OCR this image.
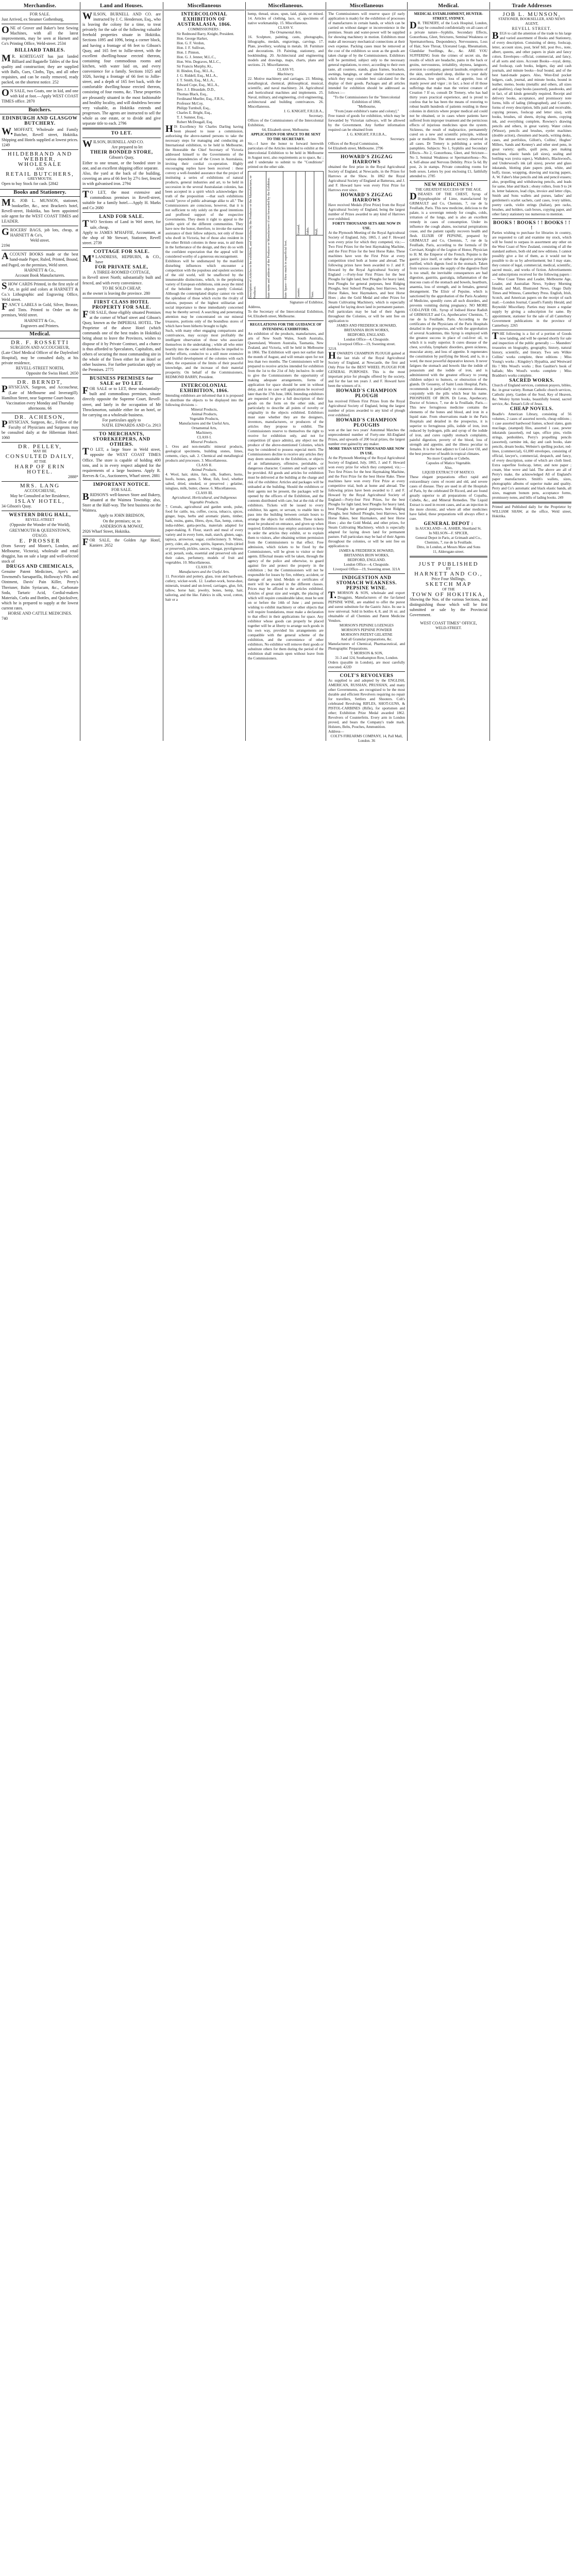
Merchandise.

FOR SALE.

Just Arrived, ex Steamer Gothenburg,

ONE of Grover and Baker's best Sewing Machines, with all the latest improvements, may be seen at Harnett and Co's Printing Office, Weld-street. 2534

BILLIARD TABLES.

MR. KORTEGAST has just landed Billiard and Bagatelle Tables of the first quality and construction; they are supplied with Balls, Cues, Cloths, Tips, and all other requisites, and can be easily removed, ready packed, on the shortest notice. 252

ON SALE, two Goats, one in kid, and one with kid at foot.—Apply WEST COAST TIMES office. 2870

Butchers.
EDINBURGH AND GLASGOW BUTCHERY.

W.MOFFATT, Wholesale and Family Butcher, Revell street, Hokitika. Shipping and Hotels supplied at lowest prices. 1249

HILDEBRAND AND WEBBER,

WHOLESALE

AND

RETAIL BUTCHERS,

GREYMOUTH.

Open to buy Stock for cash. [2842

Books and Stationery.

MR. JOB L. MUNSON, stationer, bookseller, &c., next Bracken's hotel, Revell-street, Hokitika, has been appointed sole agent for the WEST COAST TIMES and LEADER.

GROCERS' BAGS, job lots, cheap, at HARNETT & Co's,

Weld street.

2194

ACCOUNT BOOKS made or the best hand-made Paper, Ruled, Printed, Bound, and Paged, on the premises, Weld street.

HARNETT & Co.,

Account Book Manufacturers.

SHOW CARDS Printed, in the first style of Art, in gold and colors at HARNETT & Co.'s Lithographic and Engraving Office, Weld street.

FANCY LABELS in Gold, Silver, Bronze, and Tints. Printed to Order on the premises, Weld street.

HARNETT & Co.,

Engravers and Printers.

Medical.

DR. F. ROSSETTI

SURGEON AND ACCOUCHEUR,

(Late Chief Medical Officer of the Daylesford Hospital), may be consulted daily, at his private residence,

REVELL-STREET NORTH,

Opposite the Swiss Hotel. 2650

DR. BERNDT,

PHYSICIAN, Surgeon, and Accoucheur, (Late of Melbourne and Inverargill). Hamilton Street, near Supreme Court-house.

Vaccination every Monday and Thursday afternoons. 66

DR. ACHESON,

PHYSICIAN, Surgeon, &c., Fellow of the Faculty of Physicians and Surgeons may be consulted daily at the Hibernian Hotel. 1060

DR. PELLEY,

MAY BE

CONSULTED DAILY,

AT THE

HARP OF ERIN HOTEL.

2888*

MRS. LANG

ACCOUCHEUSE,

May be Consulted at her Residence,

ISLAY HOTEL,

34 Gibson's Quay.

WESTERN DRUG HALL,

REVELL-STREET

(Opposite the Wonder of the World),

GREYMOUTH & QUEENSTOWN,

OTAGO.

E. PROSSER

(from Savory and Moore's, London, and Melbourne, Victoria), wholesale and retail druggist, has on sale a large and well-selected stock of

DRUGS AND CHEMICALS,

Genuine Patent Medicines, Ayer's and Townsend's Sarsaparilla, Holloway's Pills and Ointment, Davis' Pain Killer, Perry's Threisner, Balm Syriacum, &c., Carbonate Soda, Tartaric Acid, Cordial-makers Materials, Corks and Bottles, and Quicksilver, which he is prepared to supply at the lowest current rates.

HORSE AND CATTLE MEDICINES.

740

Land and Houses.

WILSON, BURNELL AND CO. are instructed by J. C. Henderson, Esq., who is leaving the colony for a time, to treat privately for the sale of the following valuable freehold properties situate in Hokitika. Sections 1095 and 1096, being a corner block, and having a frontage of 66 feet to Gibson's Quay, and 165 feet to Jollie-street, with the excellent dwelling-house erected thereon, containing four commodious rooms and kitchen, with water laid on, and every convenience for a family. Sections 1025 and 1026, having a frontage of 66 feet to Jollie-street, and a depth of 165 feet back, with the comfortable dwelling-house erected thereon, consisting of four rooms, &c. These properties are pleasantly situated in the most fashionable and healthy locality, and will doubtless become very valuable, as Hokitika extends and progresses. The agents are instructed to sell the whole as one estate, or to divide and give separate title to each. 2796

TO LET.

WILSON, BURNELL AND CO.

Are prepared to let

THEIR BONDED STORE,

Gibson's Quay,

Either to one tenant, or the bonded store in one, and an excellent shipping office separate.

Also, the yard at the back of the building, covering an area of 66 feet by 27½ feet, fenced in with galvanised iron. 2794

TO LET, the most extensive and commodious premises in Revell-street, suitable for a family hotel.—Apply H. Marks and Co 2680

LAND FOR SALE.

TWO Sections of Land in Wel street, for sale, cheap.

Apply to JAMES M'HAFFIE, Accountant, at the shop of Mr Stewart, Stationer, Revell street. 2739

COTTAGE FOR SALE.

M'LANDRESS, HEPBURN, & CO., have

FOR PRIVATE SALE,

A THREE-ROOMED COTTAGE,

in Revell street North; substantially built and fenced, and with every convenience.

TO BE SOLD CHEAP,

as the owner is leaving the province. 280

FIRST CLASS HOTEL PROPERTY FOR SALE.

FOR SALE, those eligibly situated Premises at the corner of Wharf street and Gibson's Quay, known as the IMPERIAL HOTEL. The Proprietor of the above Hotel (which commands one of the best trades in Hokitika) being about to leave the Provinces, wishes to dispose of it by Private Contract, and a chance is thus afforded to Speculators, Capitalists, and others of securing the most commanding site in the whole of the Town either for an Hotel or other business. For further particulars apply on the Premises. 2775

BUSINESS PREMISES for SALE or TO LET.

FOR SALE or to LET, these substantially-built and commodious premises, situate directly opposite the Supreme Court, Revell-street, and lately in the occupation of Mr Throckmorton, suitable either for an hotel, or for carrying on a wholesale business.

For particulars apply to

NATH. EDWARDS AND Co. 2913

TO MERCHANTS, STOREKEEPERS, AND OTHERS.

TO LET, a large Store in Weld street, opposite the WEST COAST TIMES Office. The store is capable of holding 400 tons, and is in every respect adapted for the requirements of a large business. Apply R. Reeves & Co., Auctioneers, Wharf street. 2881

IMPORTANT NOTICE.

FOR SALE.

BRIDSON'S well-known Store and Bakery, situated at the Waimea Township; also, Store at the Half-way. The best business on the Waimea.

Apply to JOHN BRIDSON,

On the premises; or, to

ANDERSON & MOWAT,

2926 Wharf Street, Hokitika.

FOR SALE, the Golden Age Hotel, Kaniere. 2652

Miscellaneous

INTERCOLONIAL EXHIBITION OF AUSTRALASIA, 1866.

COMMISSIONERS :

Sir Redmond Barry, Knight, President.

Hon. George Harker,

Hon. G. F. Verdon,

Hon. J. F. Sullivan,

Hon. J. Pinnon,

Hon. G. J. Jenner, M.L.C.,

Hon. Wm. Degraves, M.L.C.,

Sir Francis Murphy, Kt.,

H. Bindon, Esq., M.L.A.,

J. G. Riddell, Esq., M.L.A.,

J. T. Smith, Esq., M.L.A.,

Edward Cope, Esq., M.L.A.,

Rev. J. J. Bleasdale, D.D.,

Thomas Black, Esq.,

Ferdinand Mueller, Esq., F.R.S.,

Professor McCoy,

Philipp Turnbull, Esq.,

Charles E. Bright, Esq.,

T. J. Sumner, Esq.,

Robert McDougall, Esq.

HIS Excellency Sir Charles Darling having been pleased to issue a commission, authorising the above-named persons to take the necessary steps for managing and conducting an International exhibition, to be held in Melbourne, the Honorable the Chief Secretary of Victoria addressed himself to the Governments of the various dependencies of the Crown in Australasia, inviting their cordial co-operation. Highly encouraging replies have been received : these convey a well-founded assurance that the project of instituting a series of exhibitions of natural products, general industries and art, to be held in succession in the several Australasian colonies, has been accepted in a spirit which acknowledges the truth of the proposition —that such exhibitions would "prove of public advantage alike to all." The Commissioners are conscious, however, that it is not sufficient to rely solely on the good intentions and proffered support of the respective Governments. They deem it right to appeal to the public spirit of the different communities. They have now the honor, therefore, to invoke the earnest assistance of their fellow subjects, not only of those who dwell in Victoria, but of those also resident in the other British colonies in these seas, to aid them in the furtherance of the design, and they do so with the confident expectation that the appeal will be considered worthy of a generous encouragement.

Exhibitors will be undismayed by the manifold disturbing influences which encounter a competition with the populous and opulent societies of the old world, will be unaffected by the innumerable distinctions, which, in the perplexing variety of European exhibitions, sink away the mind of the beholder from objects purely Colonial. Although the contemplated display cannot vie with the splendour of those which excite the rivalry of nations, purposes of the highest utilitarian and social importance to these immediately concerned may be thereby served. A searching and penetrating attention may be concentrated on our mineral treasures, portions only of the boundless stores of which have been hitherto brought to light.

Such, with many other engaging comparisons and contrivances, may occupy most profitably the intelligent observation of those who associate themselves in the undertaking ; while all who enter heartily into the cause will doubtless be impelled to further efforts, conducive to a still more extensive and fruitful development of the colonies with each other, the expansion of the limits of their peaceful knowledge, and the increase of their material prosperity. On behalf of the Commissioners, REDMOND BARRY, President.

INTERCOLONIAL EXHIBITION, 1866.

Intending exhibitors are informed that it is proposed to distribute the objects to be displayed into the following divisions :-

Mineral Products,

Animal Products,

Vegetable Products,

Manufactures and the Useful Arts,

Ornamental Arts,

Machinery.

CLASS I.

Mineral Products.

1. Ores and non-metallic mineral products, geological specimens, building stones, limes, cements, clays, salt. 2. Chemical and metallurgical products and processes. 3. Miscellaneous.

CLASS II.

Animal Products.

4. Wool, hair, skins, furs, silk, feathers, horns, hoofs, bones, gums. 5. Meat, fish, fowl, whether salted, dried, smoked, or preserved ; gelatine, isinglass, milk, butter, cheese. 6. Miscellaneous.

CLASS III.

Agricultural, Horticultural, and Indigenous Vegetable Products.

7. Cereals, agricultural and garden seeds, pulse, food for cattle, tea, coffee, cocoa, tobacco, spices, ginger, hops, herbs and aromatic plants, timber, bark, resins, gums, fibres, dyes, flax, hemp, cotton, india-rubber, gutta-percha, materials adapted for paper-making. 8. Flour, starch and meal of every variety and in every form, malt, starch, gluten, sago, tapioca, arrowroot, sugar, confectionery. 9. Wines, perry, cider, ale, porter, spirits, liqueurs, fruits (dried or preserved), pickles, sauces, vinegar, pyroligneous acid, potash, soda, essential and preserved oils and their cakes, perfumery, models of fruit and vegetables. 10. Miscellaneous.

CLASS IV.

Manufactures and the Useful Arts.

11. Porcelain and pottery, glass, iron and hardware, cutlery, wicker-work. 12. Leather-work, horse-dust, minerals, treated and un-loved, carriages, glue, felt, tallow, horse hair, jewelry, bones, hemp, hair, tailoring, and the like. Fabrics in silk, wool, cotton, hair or a

Miscellaneous.

hemp, thread, straw, spun, laid, plain, or mixed. 14. Articles of clothing, lace, or, specimens of native workmanship. 15. Miscellaneous.

CLASS V.

The Ornamental Arts.

16. Sculpture, painting, casts, photographs, lithographs, medals, engravings, carvings. 17. Plate, jewellery, working in metals. 18. Furniture and decorations. 19. Painting, stationery, and bookbinding. 20. Architectural and engineering models and drawings, maps, charts, plans and sections. 21. Miscellaneous.

CLASS VI.

Machinery.

22. Motive machinery and carriages. 23. Mining, metallurgical, chemical, philosophical, musical, scientific, and naval machinery. 24. Agricultural and horticultural machines and implements. 25. Naval, military, and engineering, civil engineering, architectural and building contrivances. 26. Miscellaneous.

J. G. KNIGHT, F.R.I.B.A.,

Secretary.

Offices of the Commissioners of the Intercolonial Exhibition,

64, Elizabeth street, Melbourne.

APPLICATION FOR SPACE TO BE SENT TO THE SECRETARY.

Sir,—I have the honor to forward herewith particulars of the Articles intended to exhibit at the Intercolonial Exhibition to be held in Melbourne in August next, also requirements as to space, &c ; and I undertake to submit to the "Conditions" printed on the other side.

Description of Articles to be exhibited, and whether by the Producer or the Manufacturer, or Producer.	State name and address of the Producer or Manufacturer if not forwarded by the Exhibitor.	State Space—How much in superficial feet.
Ground.	Table.	Wall.
Counter.	Floor.

Signature of Exhibitor,

Address,

To the Secretary of the Intercolonial Exhibition, 64, Elizabeth street, Melbourne.

REGULATIONS FOR THE GUIDANCE OF INTENDING EXHIBITORS.

An exhibition of the products, manufactures, and arts of New South Wales, South Australia, Queensland, Western Australia, Tasmania, New Zealand, and Victoria, will be held in Melbourne in 1866. The Exhibition will open not earlier than the month of August, and will remain open for not less than two months. The Commissioners will be prepared to receive articles intended for exhibition from the 1st to the 21st of July inclusive. In order to give the Commissioners the opportunity of making adequate arrangements, forms of application for space should be sent in without delay, and in no case will applications be received later than the 17th June, 1866. Intending exhibitors are requested to give a full description of their goods on the form on the other side, and particularly to describe all points of novelty or originality in the objects exhibited. Exhibitors must state whether they are the designers, inventors, manufacturers, or producers of the articles they propose to exhibit. The Commissioners reserve to themselves the right to receive for exhibition only, and not for competition (if space admits), any object not the produce of the above-mentioned Colonies, which may be considered to possess especial merit. The Commissioners decline to receive any articles they may deem unsuitable to the Exhibition, or objects of an inflammatory, offensive, perishable, or dangerous character. Counters and wall space will be provided. All goods and articles for exhibition must be delivered at the building at the charge and risk of the exhibitor. Articles and packages will be unloaded at the building. Should the exhibitors or their agents not be present, the packages will be opened by the officers of the Exhibition, and the contents distributed with care, but at the risk of the exhibitors. Tickets will be issued to every exhibitor, his agent, or servant, to enable him to pass into the building between certain hours to arrange the objects for exhibition. These tickets must be produced on entrance, and given up when required. Exhibitors may employ assistants to keep in order the articles they exhibit, or to explain them to visitors, after obtaining written permission from the Commissioners to that effect. Free admission, which tickets to be fixed by the Commissioners, will be given to visitor or their agents. Effectual means will be taken, through the agency of the police and otherwise, to guard against fire and protect the property in the exhibition ; but the Commissioners will not be responsible for losses by fire, robbery, accident, or damage of any kind. Medals or certificates of merit will be awarded in the different classes. Prices may be affixed to the articles exhibited. Articles of great size and weight, the placing of which will require considerable labor, must be sent on or before the 14th of June ; and persons wishing to exhibit machinery or other objects that will require foundations, must make a declaration to that effect in their applications for space. Any exhibitor whose goods can properly be placed together will be at liberty to arrange such goods in his own way, provided his arrangements are compatible with the general scheme of the exhibition, and the convenience of other exhibitors. No exhibitor will remove their goods or substitute others for them during the period of the exhibition shall remain open without leave from the Commissioners.

Miscellaneous

The Commissioners will reserve space (if early application is made) for the exhibition of processes of manufactures in certain hands, or which can be carried on without danger or inconvenience in the premises. Steam and water-power will be supplied for showing machinery in motion. Exhibitors must make all necessary mechanical connections at their own expense. Packing cases must be removed at the cost of the exhibitors so soon as the goods are taken charge of by the Commissioners. Exhibitors will be permitted, subject only to the necessary general regulations, to erect, according to their own taste, all counters, stands, glass frames, brackets, awnings, hangings, or other similar contrivances, which they may consider best calculated for the display of their goods. Packages and all articles intended for exhibition should be addressed as follows :—

"To the Commissioners for the "Intercolonial Exhibition of 1866,

"Melbourne,

"From [state exhibitor's name and colony]."

Free transit of goods for exhibition, which may be forwarded by Victorian railways, will be allowed by the Government. Any further information required can be obtained from

J. G. KNIGHT, F.R.I.B.A.,

Secretary.

Offices of the Royal Commission,

64 Elizabeth street, Melbourne. 2796

HOWARD'S ZIGZAG HARROWS

obtained the first prize in the Royal Agricultural Society of England, at Newcastle, in the Prizes for Harrows at the Show. In 1862 the Royal Agricultural Society of England at Battersea, and J. and F. Howard have won every First Prize for Harrows ever since.

HOWARD'S ZIGZAG HARROWS

Have received Medals (First Prize) from the Royal Agricultural Society of England, being the largest number of Prizes awarded to any kind of Harrows ever exhibited.

FORTY THOUSAND SETS ARE NOW IN USE.

At the Plymouth Meeting of the Royal Agricultural Society of England, July, 1865, J. and F. Howard won every prize for which they competed, viz.:—Two First Prizes for the best Haymaking Machine, and the First Prize for the best Horse Rake. These machines have won the First Prize at every competition tried both at home and abroad. The following prizes have been awarded to J. and F. Howard by the Royal Agricultural Society of England :—Forty-four First Prizes for the best Ploughs for light land, best Ploughs for heavy land, best Ploughs for general purposes, best Ridging Ploughs, best Subsoil Ploughs, best Harrows, best Horse Rakes, best Haymakers, and best Horse Hoes ; also the Gold Medal and other Prizes for Steam Cultivating Machinery, which is especially adapted for laying down land in permanent pasture. Full particulars may be had of their Agents throughout the Colonies, or will be sent free on application to

JAMES AND FREDERICK HOWARD,

BRITANNIA IRON WORKS,

BEDFORD, ENGLAND.

London Office—4, Cheapside.

Liverpool Office—19, Sweeting street.

321A

HOWARD'S CHAMPION PLOUGH gained at the last trials of the Royal Agricultural Society of England, at Newcastle, the first and Only Prize for the BEST WHEEL PLOUGH FOR GENERAL PURPOSES. This is the most important prize for ploughs offered by the society, and for the last ten years J. and F. Howard have been the winners of it.

HOWARD'S CHAMPION PLOUGH

has received Fifteen First Prizes from the Royal Agricultural Society of England, being the largest number of prizes awarded to any kind of plough ever exhibited.

HOWARD'S CHAMPION PLOUGHS

won at the last two years' Autumnal Matches the unprecedented number of Forty-one All-England Prizes, and upwards of 200 local prizes, the largest number ever gained by any maker.

MORE THAN SIXTY THOUSAND ARE NOW IN USE.

At the Plymouth Meeting of the Royal Agricultural Society of England, July, 1865, J. and F. Howard won every prize for which they competed, viz.:—Two first Prizes for the best Haymaking Machine, and the First Prize for the best Horse Rake. These machines have won every First Prize at every competitive trial, both at home and abroad. The following prizes have been awarded to J. and F. Howard by the Royal Agricultural Society of England:—Forty-four First Prizes, for the best Ploughs for light land, best Ploughs for heavy land, best Ploughs for general purposes, best Ridging Ploughs, best Subsoil Ploughs, best Harrows, best Horse Rakes, best Haymakers, and best Horse Hoes ; also the Gold Medal, and other prizes, for Steam Cultivating Machinery, which is especially adapted for laying down land for permanent pasture. Full particulars may be had of their Agents throughout the colonies, or will be sent free on application to

JAMES & FREDERICK HOWARD,

BRITANNIA IRON WORKS,

BEDFORD, ENGLAND.

London Office—4, Cheapside.

Liverpool Office—19, Sweeting street. 321A

INDIGESTION AND STOMACH WEAKNESS.

PEPSINE WINE.

T.MORSON & SON, wholesale and export Druggists, Manufacturers of the far-famed PEPSINE WINE, are enabled to offer the purest and surest substitute for the Gastric Juice. Its use is now universal. Sold in bottles 4, 8, and 16 oz. and obtainable of all Chemists and Patent Medicine Vendors.

MORSON'S PEPSINE LOZENGES

MORSON'S PEPSINE POWDER

MORSON'S PATENT GELATINE

And all Granular preparations, &c.

Manufacturers of Chemical, Pharmaceutical, and Photographic Preparations.

T. MORSON & SON,

31-3 and 124, Southampton Row, London.

Orders (payable in London), are most carefully executed. 422D

COLT'S REVOLVERS

As supplied to and adopted by the ENGLISH, AMERICAN, RUSSIAN, PRUSSIAN, and many other Governments, are recognised to be the most durable and efficient Revolvers requiring no repair for travellers, Settlers and Shooters. Colt's celebrated Revolving RIFLES, SHOT-GUNS, & PISTOL-CARBINES (Rifle), for sportsmen and other; Exhibition Prize Medal awarded 1862. Revolvers of Counterfeits. Every arm in London proved, and bears the Company's trade mark. Holsters, Belts, Pouches, Ammunition.

Address—

COLT'S FIREARMS COMPANY, 14, Pall Mall, London. 36

Medical.

MEDICAL ESTABLISHMENT, HUNTER-STREET, SYDNEY.

DR. TRENERY, of the Lock Hospital, London, may be consulted confidentially on all cases of a private nature—Syphilis, Secondary Effects, Gonorrhoea, Gleet, Strictures, Seminal Weakness or Spermatorrhoea, Despondency, Nervousness, Loss of Hair, Sore Throat, Ulcerated Legs, Rheumatism, Glandular Swellings, &c., &c. ARE YOU SUFFERING from the crimes of secret sin, the results of which are headache, pains in the back or groins, nervousness, irritability, shyness, languors, aversion to company, general lassitude, eruptions of the skin, unrefreshed sleep, dislike to your daily avocations, low spirits, loss of appetite, loss of manly power and vigor ; in fact, a host of ill those sufferings that make man the veriest creature of Creation ? If so, consult Dr Trenery, who has had thirty years practical experience, and is proud to confess that he has been the means of restoring to robust health hundreds of patients residing in these colonies in districts where proper medical aid could not be obtained, or in cases where patients have suffered from improper treatment and the pernicious effects of injurious medicines upon the system. Sickness, the result of malpractice, permanently cured on a new and scientific principle, without pain or medicine. The utmost secrecy observed in all cases. Dr Trenery is publishing a series of pamphlets. Subjects: No 1, Syphilis and Secondary Effects—No 2, Gonorrhoea, Gleet, and Stricture—No 3, Seminal Weakness or Spermatorrhoea—No. 4, Self-abuse and Nervous Debility. Price 5s 6d. By post, 2s in stamps. Private consulting rooms for both sexes. Letters by post enclosing £1, faithfully attended to. 2785

NEW MEDICINES !

THE GREATEST SUCCESS OF THE AGE.

DISEASES OF THE CHEST, Syrup of Hypophosphite of Lime, manufactured by GRIMAULT and Co, Chemists, 7, rue de la Feuillade, Paris. This new medicine, delicious to the palate, is a sovereign remedy for coughs, colds, irritation of the lungs, and is also an excellent remedy in cases of consumption. Under its influence the cough abates, nocturnal perspirations cease, and the patient rapidly recovers health and flesh. ELIXIR OF PEPSINE, prepared by GRIMAULT and Co, Chemists, 7, rue de la Feuillade, Paris, according to the formula of Dr Corvisart, Knight of the Legion of Honor, Physician to H. M. the Emperor of the French. Pepsine is the gastric juice itself, or rather the digestive principle purified, which digests food in the stomach. Taken from various causes the supply of the digestive fluid is too small, the inevitable consequences are bad digestion, gastritis, gastralgia, inflammation of the mucous coats of the stomach and bowels, heartburn, anaemia, loss of strength, and in females, general derangement. The Elixir of Pepsine, which is sanctioned by the approbation of the Paris Academy of Medicine, speedily cures all such disorders, and prevents vomiting during pregnancy. NO MORE COD-LIVER OIL. Syrup of Iodised Horse Radish of GRIMAULT and Co, Apothecaries' Chemists, 7, rue de la Feuillade, Paris. According to the certificates of the Physicians of the Paris Hospitals detailed in the prospectus, and with the approbation of several Academies, this Syrup is employed with the greatest success in place of cod-liver oil, to which it is really superior. It cures disease of the chest, scrofula, lymphatic disorders, green sickness, muscular atony, and loss of appetite. It regenerates the constitution by purifying the blood, and is, in a word, the most powerful depurative known. It never fatigues the stomach and bowels like the iodide of potassium and the iodide of iron, and is administered with the greatest efficacy to young children subject to humors, or obstruction of the glands. Dr Gesserey, of Saint Louis Hospital, Paris, recommends it particularly to cutaneous diseases, conjointly with the pills which bear his name. PHOSPHATE OF IRON. Dr Leras, Apothecary, Doctor of Science, 7, rue de la Feuillade, Paris.—This new ferruginous medicine contains the elements of the bones and blood, and iron in a liquid state. From observations made in the Paris Hospitals and detailed in the prospectus, it is superior to ferruginous pills, iodide of iron, iron reduced by hydrogen, pills and syrup of the iodide of iron, and cures rapidly stomach complaints, painful digestion, poverty of the blood, loss of strength and appetite, and the illness peculiar to females. It is the best adjunct to Cod-Liver Oil, and the best preserver of health in tropical climates.

No more Copaiba or Cubebs.

Capsules of Matico Vegetable.

Also,

LIQUID EXTRACT OF MATICO.

These elegant preparations effect rapid and extraordinary cures of recent and old, and severe cases of disease. They are used in all the Hospitals of Paris, by the celebrated Dr Ricord, and are found greatly superior to all preparations of Copaiba, Cubebs, &c., and Mineral Remedies. The Liquid Extract is used in recent cases, and as an injection in the more chronic, and where all other medicines have failed, these preparations will always effect a cure.

GENERAL DEPOT :

In AUCKLAND—A. ASHER, Shortland St.

In NELSON—F. SPICER,

General Depot in Paris, at Grimault and Co.,

Chemists, 7, rue de la Feuillade.

Ditto, in London, at Messrs Maw and Sons

11, Aldersgate-street.

JUST PUBLISHED

BY

HARNETT AND CO.,

Price Four Shillings,

SKETCH MAP

OF THE

TOWN OF HOKITIKA,

Showing the Nos. of the various Sections, and distinguishing those which will be first submitted or sale by the Provincial Government.

WEST COAST TIMES" OFFICE,

WELD-STREET.

Trade Addresses

JOB L. MUNSON,

STATIONER, BOOKSELLER, AND NEWS AGENT,

REVELL STREET.

BEGS to call the attention of the trade to his large and varied assortment of Books and Stationery, of every description. Consisting of demy, foolscap, letter, account sizes, post, brief bill, post 8vo., note, albert, queens, and other papers in plain and fancy colors. Envelopes—official, commercial, and fancy, of all sorts and sizes. Account Books—royal, demy, and foolscap, cash books, ledgers, day and cash journals, and minute books—Ieaf bound, and of the best hand-made papers. Also, West-End pocket ledgers, cash, journal, and minute books, bound in leather, memo, books (metallic and others, all sizes and qualities), clasp books (assorted), passbooks, and in fact, of all kinds generally required. Receipt and delivery books, acceptance, and promissory note forms, bills of lading (lithographed), and Custom's forms of every description, bills paid and receivable, copying presses, foolscap and letter size), with books, brushes, oil sheets, drying sheets, copying ink, and everything complete, Rowney's drawing pencils and others, in great variety. Water colors (Winsor), pencils and brushes, eyelet machines (double action), chessmen and boards, writing desks, cases, and portfolios, Gillott's, Collins', Hughes' Millers, Sands and Kenney's and other steel pens, in great variety; quills, quill pens, pen making machines, elastic bands (all sizes), sealing and bottling wax (extra super.), Walkden's, Blackwood's, and Underwood's ink (all sizes), pewter and glass inkstands, blotting plate papers pink, white, and buff), tissue, wrapping, drawing and tracing papers, A. W. Faber's blue pencils and ink and pencil erasers; also, propelling and withdrawing pencils, and leads for same, blue and black ; ebony rollers, from 9 to 24 in. letter balances, lead clips, invoice and letter clips, Smith and Sons wallets and purses, ladies' and gentlemen's scarlet sachets, card cases, ivory tablets, poetry cards, violin strings (Italian), pen racks, brushes, and holders, cash boxes, copying paper, and other fancy stationery too numerous to mention.

BOOKS ! BOOKS ! ! BOOKS ! ! !

Parties wishing to purchase for libraries in country, are requested to call and examine my stock, which will be found to surpass in assortment any other on the West Coast of New Zealand, consisting of all the standard authors, both old and new editions. I cannot possibly give a list of them, as it would not be possible to do so by advertisement; but I may state, they consist of legal, commercial, medical, scientific, sacred music, and works of fiction. Advertisements and subscriptions received for the following papers :— West Coast Times and Leader, Melbourne Age, Leader, and Australian News, Sydney Morning Herald, and Mail, Illustrated News, Otago Daily Times and Witness, Canterbury Press. English, Irish, Scotch, and American papers on the receipt of each mail.—London Journal, Cassell's Family Herald, and Reynolds' Miscellany. Parties may insure a regular supply by giving a subscription for same. By appointment, stationer for the sale of all Canterbury Government publications in the province of Canterbury. 2265

THE following is a list of a portion of Goods now landing, and will be opened shortly for sale and inspection of the public generally :— Maunders' treasuries on biography, geography, history, natural history, scientific, and literary. Two sets Wilkie Collins' works complete, three editions ; Miss Young's works ; Kingsley's Hypathia, and Westward Ho ! Mrs Wood's works ; Bon Gaultier's book of ballads; Mrs Wood's works complete ; Miss Braddon's works complete.

SACRED WORKS.

Church of England services, common prayers, bibles, &c. in great variety. Roman Catholic church services, Catholic piety, Garden of the Soul, Key of Heaven, &c. Wesley hymn books, beautifully bound, sacred service, &c. Renan's Life of Jesus.

CHEAP NOVELS.

Beadle's American Library, consisting of 56 volumes, 2 cases of assorted novels, cheap editions ; 1 case assorted hardwood frames, school slates, gum mucilage, (stamped) files, assorted 1 case, pewter inkstands (assorted), red tape, office pins, violin strings, penholders, Perry's propelling pencils (assorted), carmine ink, day and cash books, slate pencils, dream books, Webster's spelling pocket, red-lines, (commercial), 61,000 envelopes, consisting of official, lawyer's, commercial, despatch, and fancy, of every description, some of which are cloth lined. Extra superfine foolscap, letter, and note paper ; cream, blue wove and laid. The above are all of Perry's make, the acknowledged All of England's paper manufacturers. Smith's wallets, sizes, photographic albums of superior make and quality. Perry and Co's automatic and black elastic bands, all sizes, magnum bonum pens, acceptance forms, promissory notes, and bills of lading books. 249

Printed and Published daily for the Proprietor by WILLIAM SHAW, at the office, Weld street, Hokitika.
